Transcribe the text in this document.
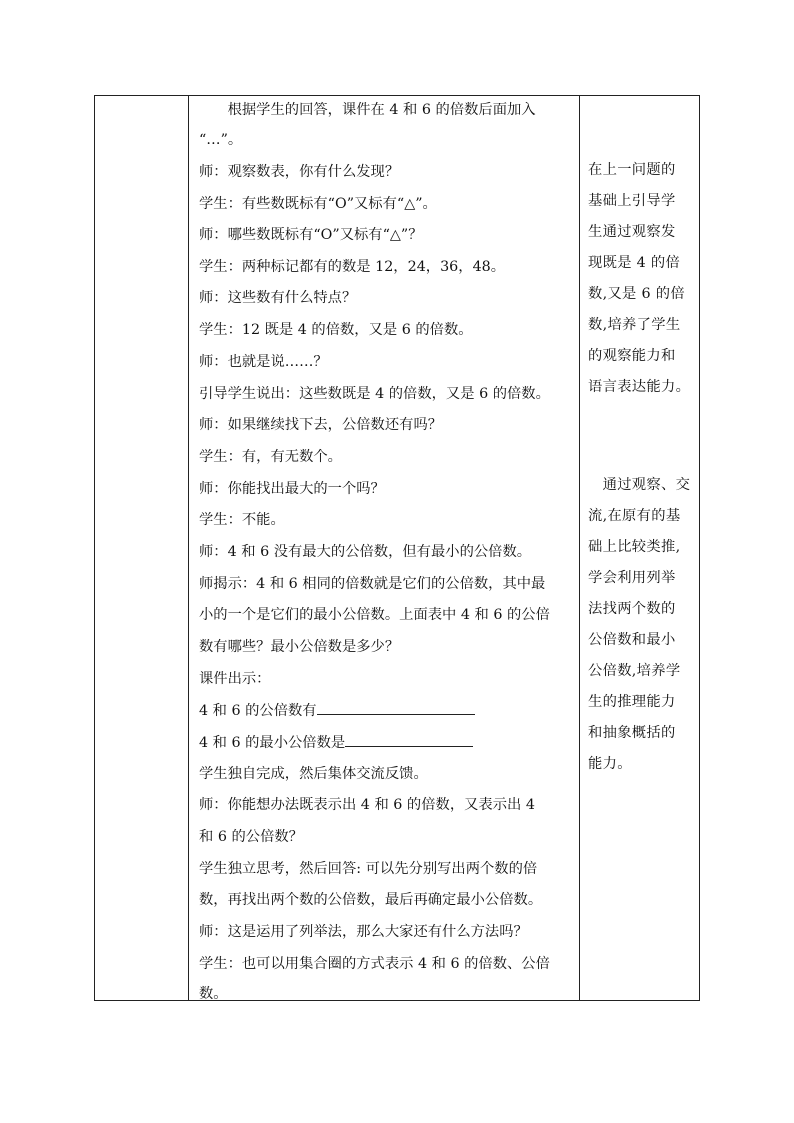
　　根据学生的回答，课件在 4 和 6 的倍数后面加入
“…”。
师：观察数表，你有什么发现？
学生：有些数既标有“O”又标有“△”。
师：哪些数既标有“O”又标有“△”？
学生：两种标记都有的数是 12，24，36，48。
师：这些数有什么特点？
学生：12 既是 4 的倍数，又是 6 的倍数。
师：也就是说……？
引导学生说出：这些数既是 4 的倍数，又是 6 的倍数。
师：如果继续找下去，公倍数还有吗？
学生：有，有无数个。
师：你能找出最大的一个吗？
学生：不能。
师：4 和 6 没有最大的公倍数，但有最小的公倍数。
师揭示：4 和 6 相同的倍数就是它们的公倍数，其中最
小的一个是它们的最小公倍数。上面表中 4 和 6 的公倍
数有哪些？最小公倍数是多少？
课件出示：
4 和 6 的公倍数有
4 和 6 的最小公倍数是
学生独自完成，然后集体交流反馈。
师：你能想办法既表示出 4 和 6 的倍数，又表示出 4
和 6 的公倍数？
学生独立思考，然后回答: 可以先分别写出两个数的倍
数，再找出两个数的公倍数，最后再确定最小公倍数。
师：这是运用了列举法，那么大家还有什么方法吗？
学生：也可以用集合圈的方式表示 4 和 6 的倍数、公倍
数。
在上一问题的
基础上引导学
生通过观察发
现既是 4 的倍
数,又是 6 的倍
数,培养了学生
的观察能力和
语言表达能力。
　通过观察、交
流,在原有的基
础上比较类推,
学会利用列举
法找两个数的
公倍数和最小
公倍数,培养学
生的推理能力
和抽象概括的
能力。
